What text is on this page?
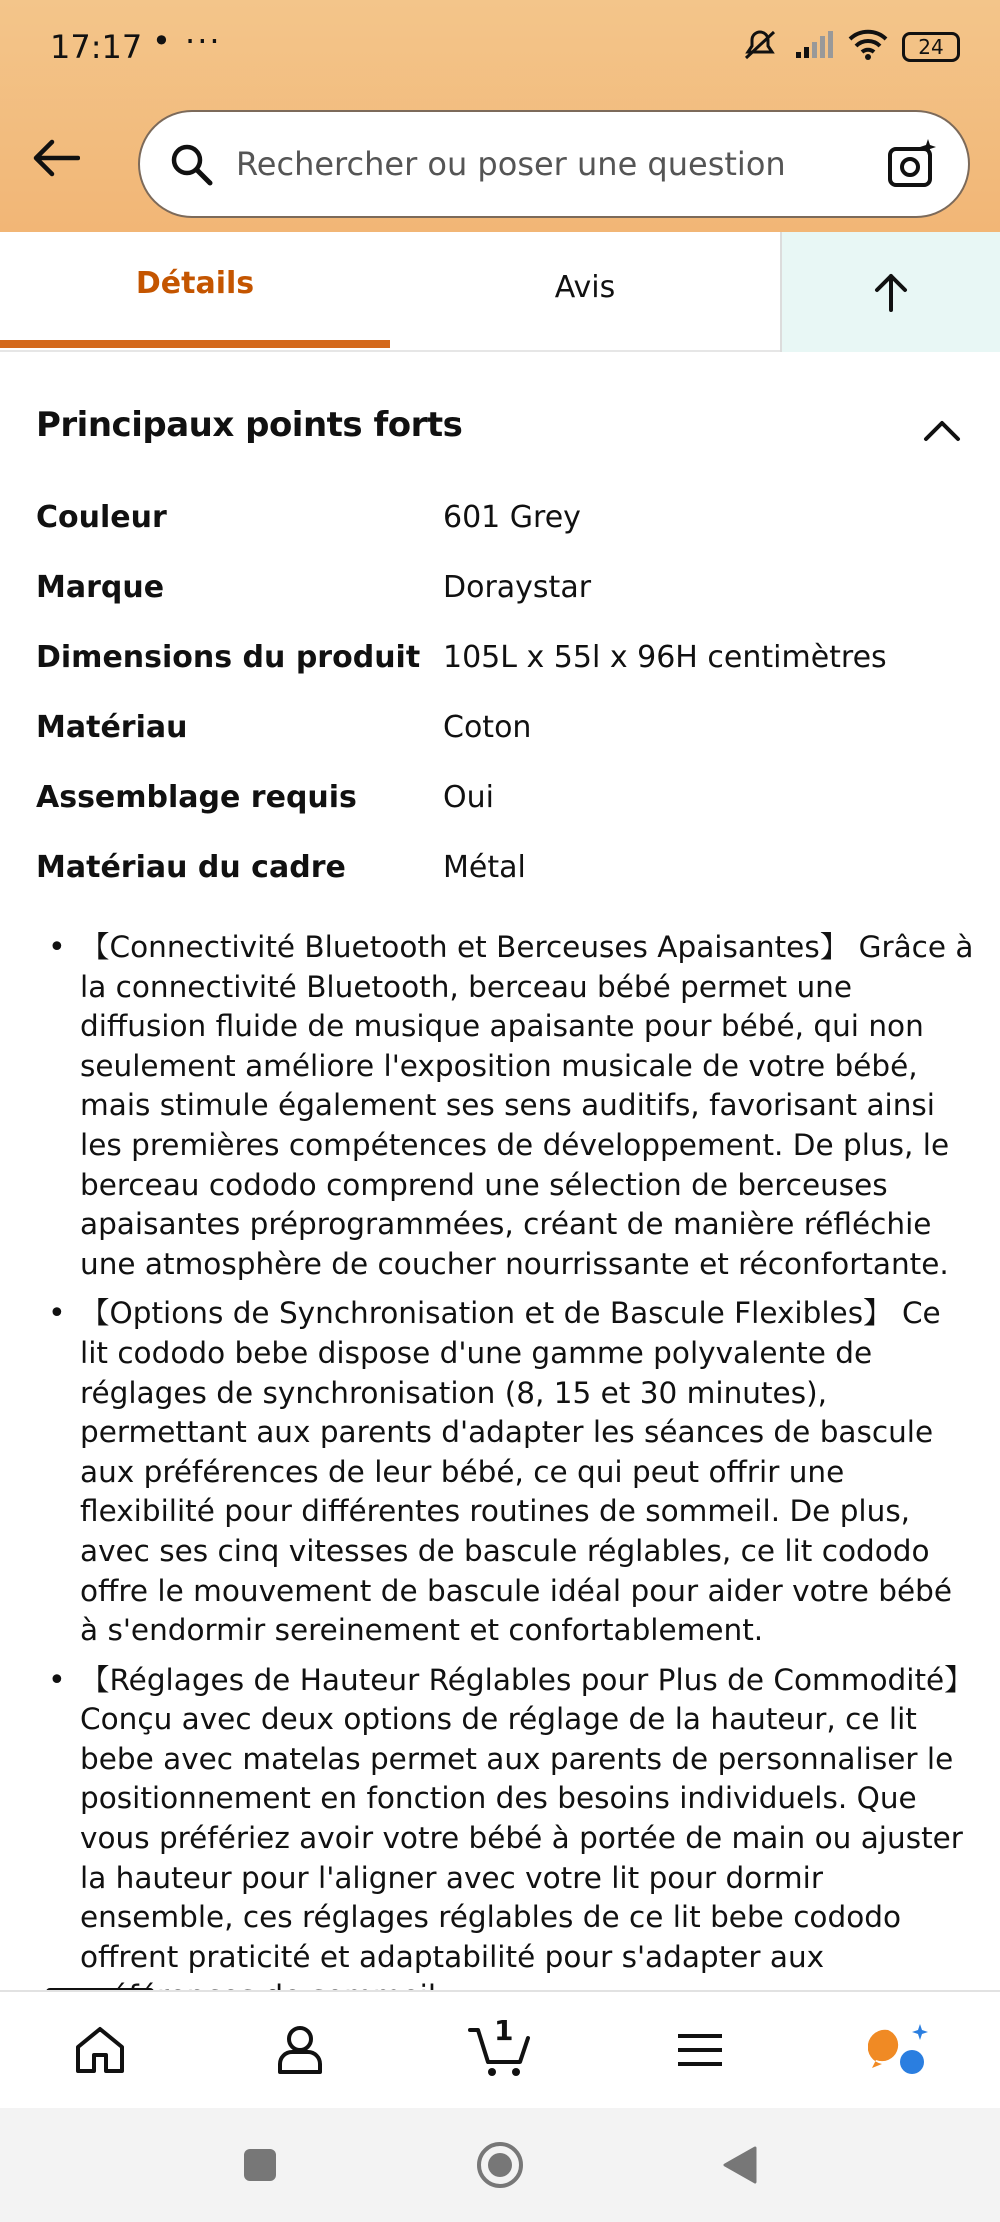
17:17 • ···	24
Rechercher ou poser une question
Détails	Avis
Principaux points forts
Couleur	601 Grey
Marque	Doraystar
Dimensions du produit 105L x 55l x 96H centimètres
Matériau	Coton
Assemblage requis	Oui
Matériau du cadre	Métal
• 【Connectivité Bluetooth et Berceuses Apaisantes】 Grâce à la connectivité Bluetooth, berceau bébé permet une diffusion fluide de musique apaisante pour bébé, qui non seulement améliore l'exposition musicale de votre bébé, mais stimule également ses sens auditifs, favorisant ainsi les premières compétences de développement. De plus, le berceau cododo comprend une sélection de berceuses apaisantes préprogrammées, créant de manière réfléchie une atmosphère de coucher nourrissante et réconfortante.
• 【Options de Synchronisation et de Bascule Flexibles】 Ce lit cododo bebe dispose d'une gamme polyvalente de réglages de synchronisation (8, 15 et 30 minutes), permettant aux parents d'adapter les séances de bascule aux préférences de leur bébé, ce qui peut offrir une flexibilité pour différentes routines de sommeil. De plus, avec ses cinq vitesses de bascule réglables, ce lit cododo offre le mouvement de bascule idéal pour aider votre bébé à s'endormir sereinement et confortablement.
• 【Réglages de Hauteur Réglables pour Plus de Commodité】 Conçu avec deux options de réglage de la hauteur, ce lit bebe avec matelas permet aux parents de personnaliser le positionnement en fonction des besoins individuels. Que vous préfériez avoir votre bébé à portée de main ou ajuster la hauteur pour l'aligner avec votre lit pour dormir ensemble, ces réglages réglables de ce lit bebe cododo offrent praticité et adaptabilité pour s'adapter aux
1
